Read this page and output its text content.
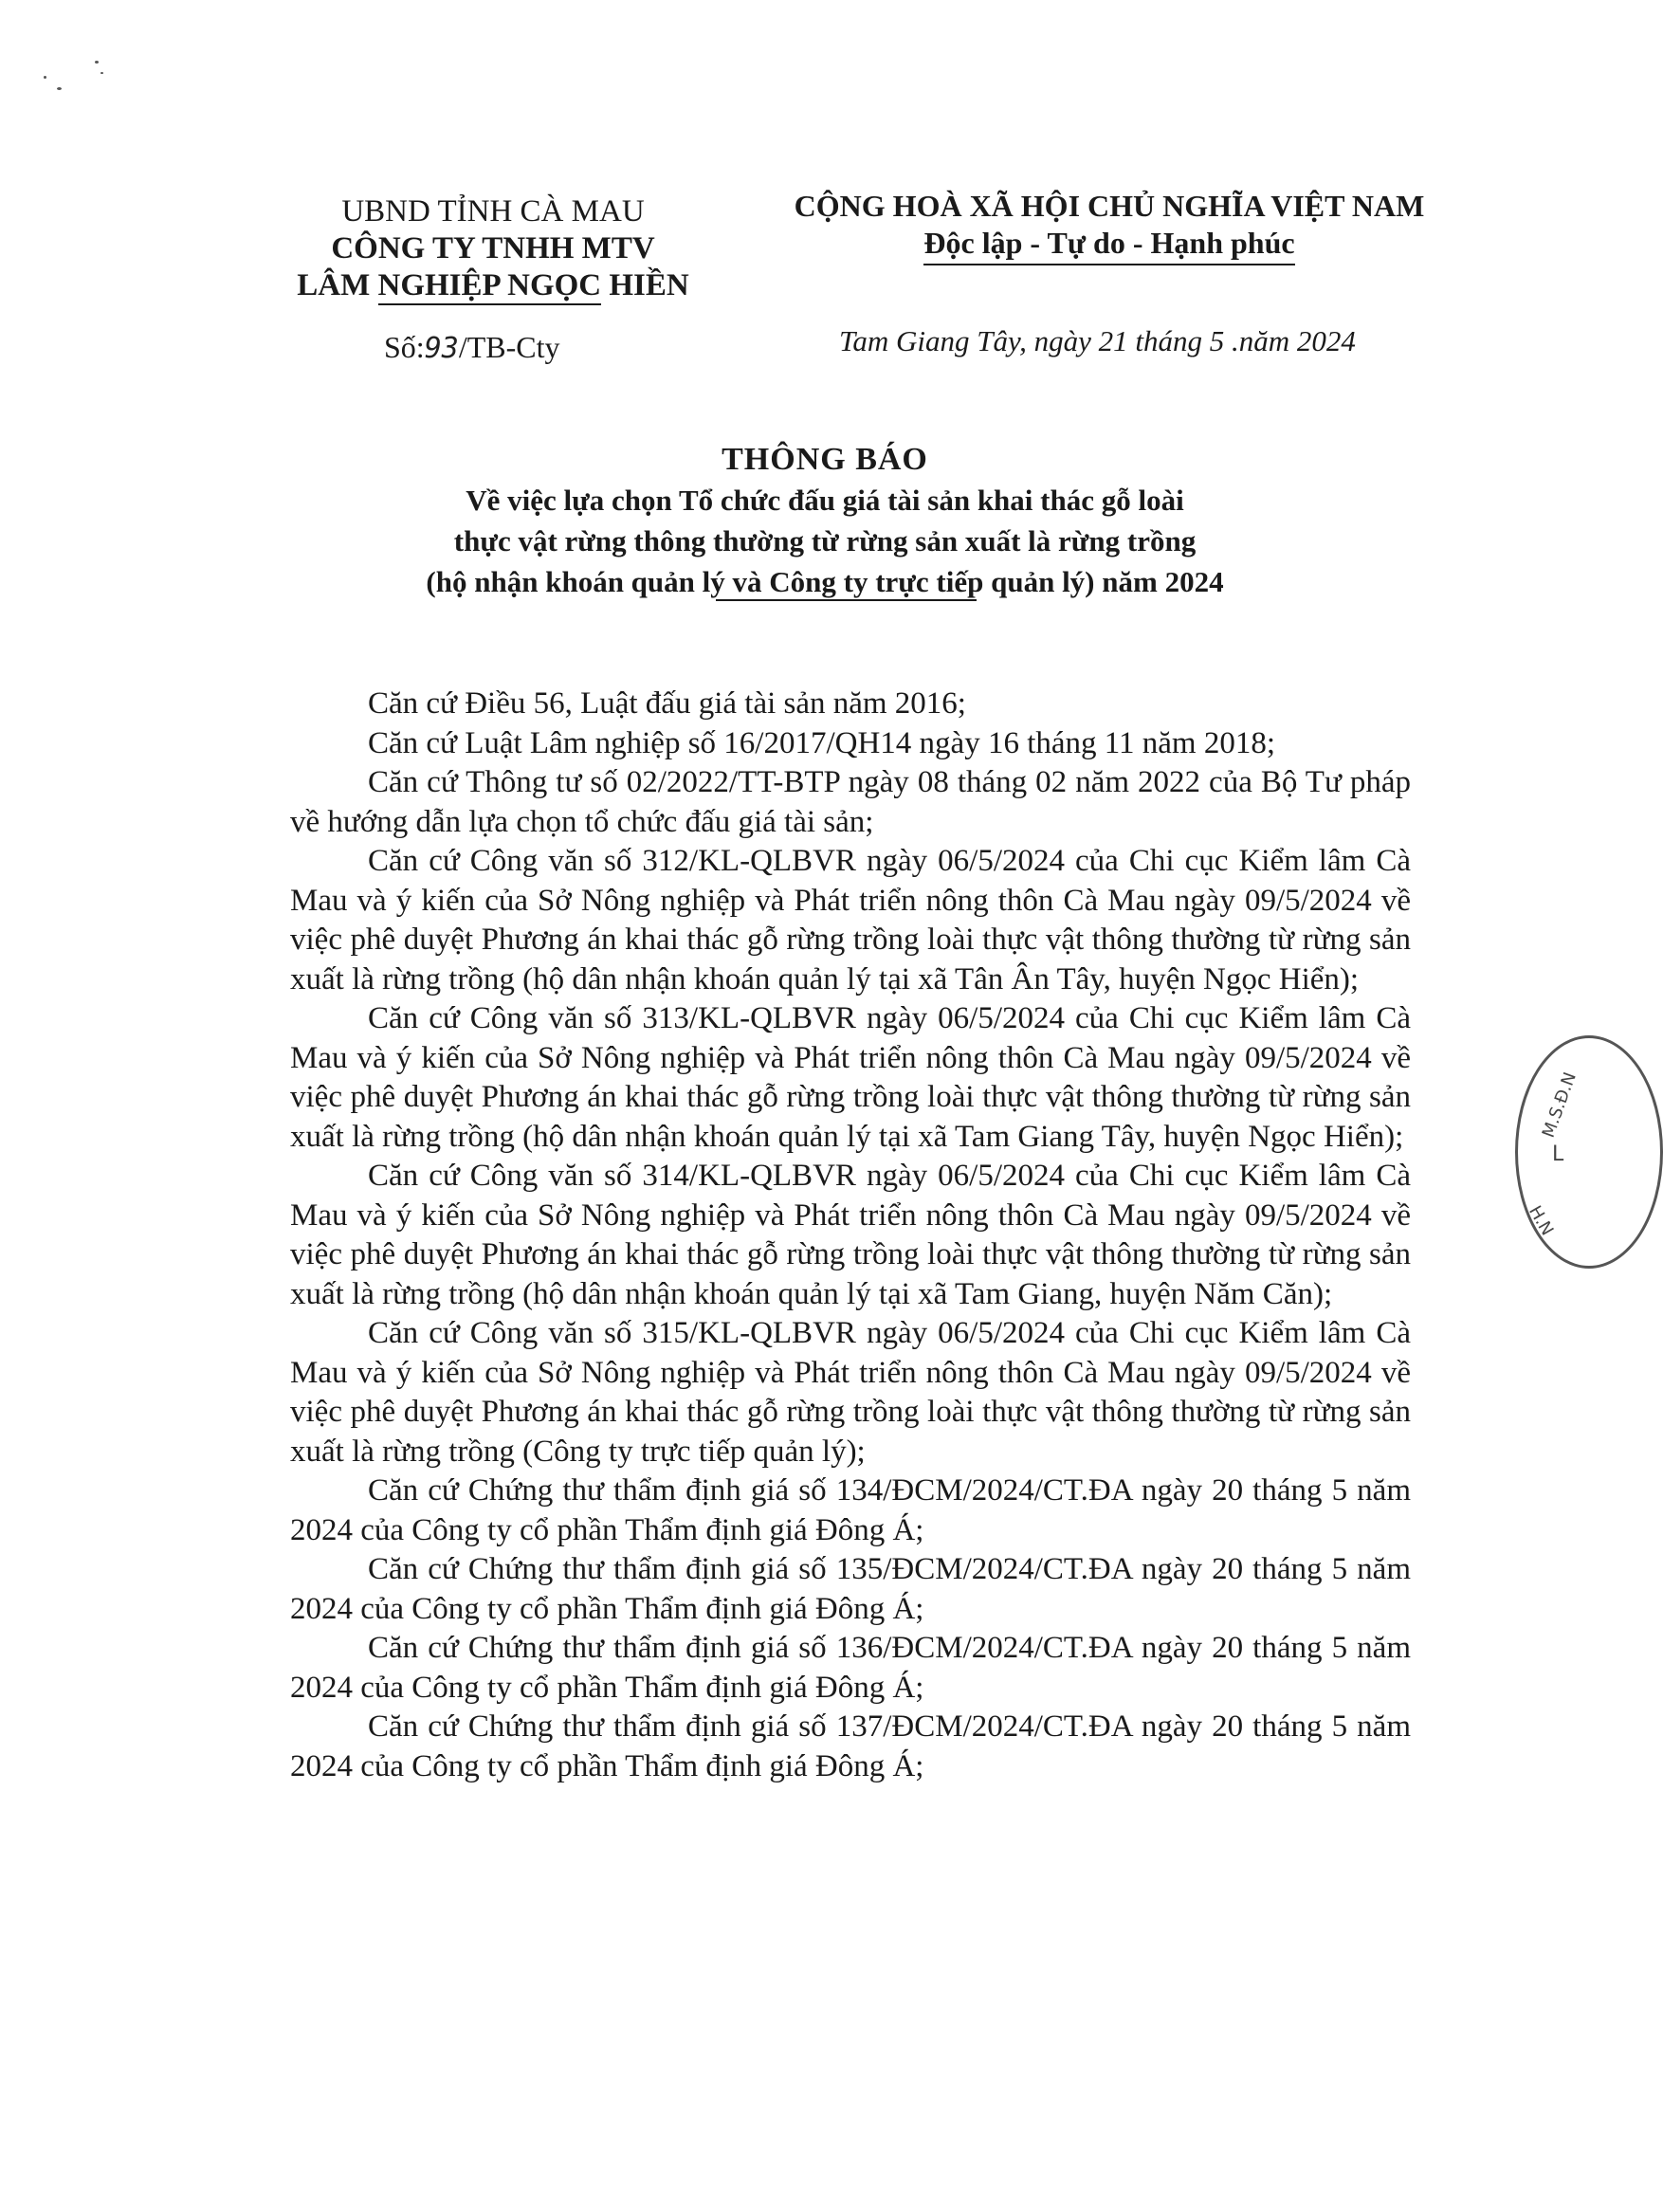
UBND TỈNH CÀ MAU
CÔNG TY TNHH MTV
LÂM NGHIỆP NGỌC HIỀN
Số:93/TB-Cty
CỘNG HOÀ XÃ HỘI CHỦ NGHĨA VIỆT NAM
Độc lập - Tự do - Hạnh phúc
Tam Giang Tây, ngày 21 tháng 5 .năm 2024
THÔNG BÁO
Về việc lựa chọn Tổ chức đấu giá tài sản khai thác gỗ loài
thực vật rừng thông thường từ rừng sản xuất là rừng trồng
(hộ nhận khoán quản lý và Công ty trực tiếp quản lý) năm 2024

Căn cứ Điều 56, Luật đấu giá tài sản năm 2016;

Căn cứ Luật Lâm nghiệp số 16/2017/QH14 ngày 16 tháng 11 năm 2018;

Căn cứ Thông tư số 02/2022/TT-BTP ngày 08 tháng 02 năm 2022 của Bộ Tư pháp về hướng dẫn lựa chọn tổ chức đấu giá tài sản;

Căn cứ Công văn số 312/KL-QLBVR ngày 06/5/2024 của Chi cục Kiểm lâm Cà Mau và ý kiến của Sở Nông nghiệp và Phát triển nông thôn Cà Mau ngày 09/5/2024 về việc phê duyệt Phương án khai thác gỗ rừng trồng loài thực vật thông thường từ rừng sản xuất là rừng trồng (hộ dân nhận khoán quản lý tại xã Tân Ân Tây, huyện Ngọc Hiển);

Căn cứ Công văn số 313/KL-QLBVR ngày 06/5/2024 của Chi cục Kiểm lâm Cà Mau và ý kiến của Sở Nông nghiệp và Phát triển nông thôn Cà Mau ngày 09/5/2024 về việc phê duyệt Phương án khai thác gỗ rừng trồng loài thực vật thông thường từ rừng sản xuất là rừng trồng (hộ dân nhận khoán quản lý tại xã Tam Giang Tây, huyện Ngọc Hiển);

Căn cứ Công văn số 314/KL-QLBVR ngày 06/5/2024 của Chi cục Kiểm lâm Cà Mau và ý kiến của Sở Nông nghiệp và Phát triển nông thôn Cà Mau ngày 09/5/2024 về việc phê duyệt Phương án khai thác gỗ rừng trồng loài thực vật thông thường từ rừng sản xuất là rừng trồng (hộ dân nhận khoán quản lý tại xã Tam Giang, huyện Năm Căn);

Căn cứ Công văn số 315/KL-QLBVR ngày 06/5/2024 của Chi cục Kiểm lâm Cà Mau và ý kiến của Sở Nông nghiệp và Phát triển nông thôn Cà Mau ngày 09/5/2024 về việc phê duyệt Phương án khai thác gỗ rừng trồng loài thực vật thông thường từ rừng sản xuất là rừng trồng (Công ty trực tiếp quản lý);

Căn cứ Chứng thư thẩm định giá số 134/ĐCM/2024/CT.ĐA ngày 20 tháng 5 năm 2024 của Công ty cổ phần Thẩm định giá Đông Á;

Căn cứ Chứng thư thẩm định giá số 135/ĐCM/2024/CT.ĐA ngày 20 tháng 5 năm 2024 của Công ty cổ phần Thẩm định giá Đông Á;

Căn cứ Chứng thư thẩm định giá số 136/ĐCM/2024/CT.ĐA ngày 20 tháng 5 năm 2024 của Công ty cổ phần Thẩm định giá Đông Á;

Căn cứ Chứng thư thẩm định giá số 137/ĐCM/2024/CT.ĐA ngày 20 tháng 5 năm 2024 của Công ty cổ phần Thẩm định giá Đông Á;

M.S.Đ.N
L
H.N
